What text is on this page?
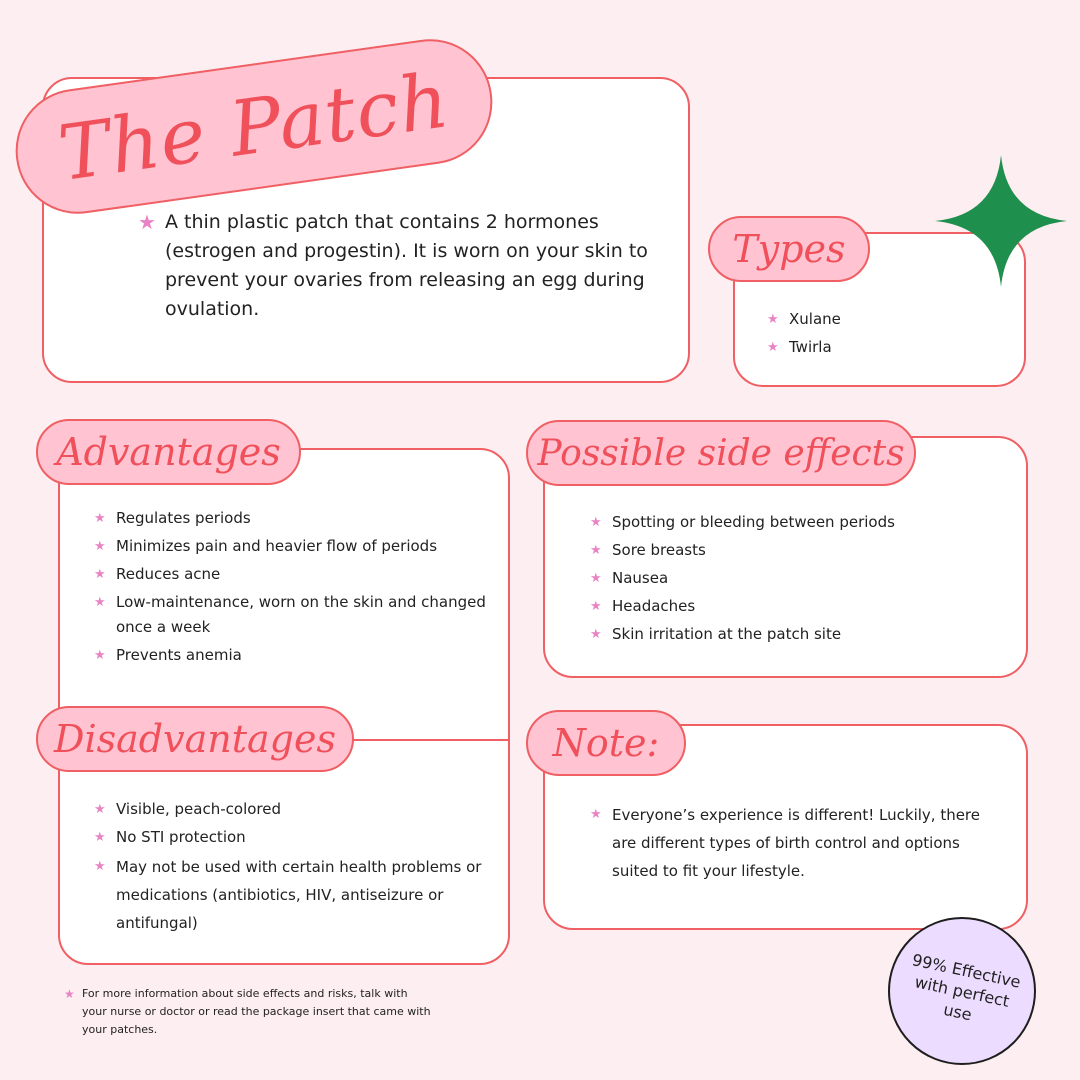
The Patch
★ A thin plastic patch that contains 2 hormones (estrogen and progestin). It is worn on your skin to prevent your ovaries from releasing an egg during ovulation.
Types
★ Xulane
★ Twirla
Advantages
★ Regulates periods
★ Minimizes pain and heavier flow of periods
★ Reduces acne
★ Low-maintenance, worn on the skin and changed once a week
★ Prevents anemia
Disadvantages
★ Visible, peach-colored
★ No STI protection
★ May not be used with certain health problems or medications (antibiotics, HIV, antiseizure or antifungal)
Possible side effects
★ Spotting or bleeding between periods
★ Sore breasts
★ Nausea
★ Headaches
★ Skin irritation at the patch site
Note:
★ Everyone’s experience is different! Luckily, there are different types of birth control and options suited to fit your lifestyle.
★ For more information about side effects and risks, talk with your nurse or doctor or read the package insert that came with your patches.
99% Effective with perfect use
